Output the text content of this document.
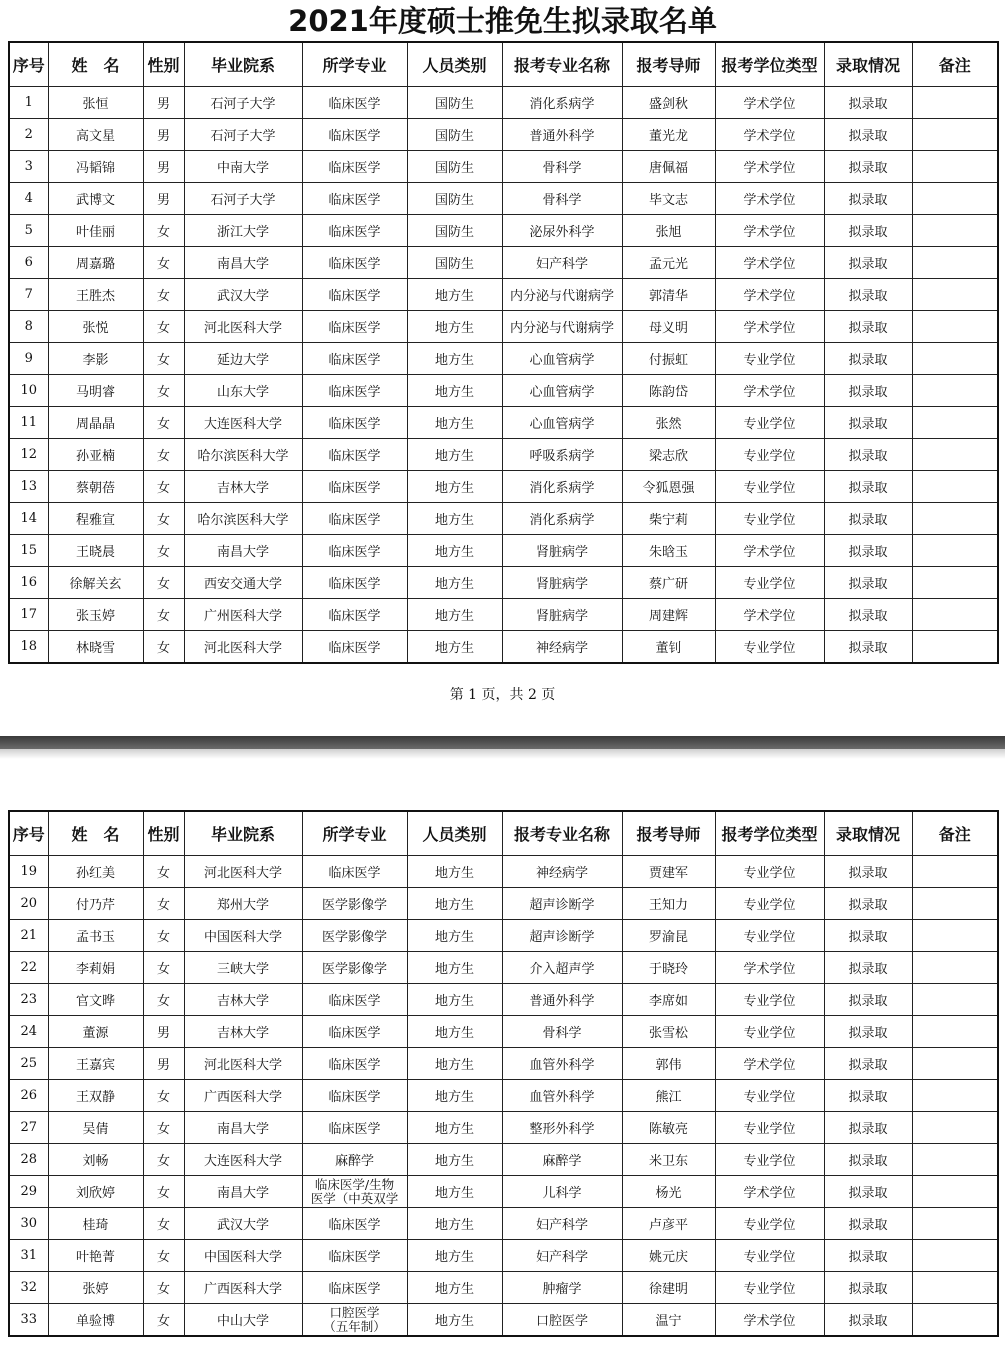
2021年度硕士推免生拟录取名单
序号	姓　名	性别	毕业院系	所学专业	人员类别	报考专业名称	报考导师	报考学位类型	录取情况	备注
1	张恒	男	石河子大学	临床医学	国防生	消化系病学	盛剑秋	学术学位	拟录取	
2	高文星	男	石河子大学	临床医学	国防生	普通外科学	董光龙	学术学位	拟录取	
3	冯韬锦	男	中南大学	临床医学	国防生	骨科学	唐佩福	学术学位	拟录取	
4	武博文	男	石河子大学	临床医学	国防生	骨科学	毕文志	学术学位	拟录取	
5	叶佳丽	女	浙江大学	临床医学	国防生	泌尿外科学	张旭	学术学位	拟录取	
6	周嘉璐	女	南昌大学	临床医学	国防生	妇产科学	孟元光	学术学位	拟录取	
7	王胜杰	女	武汉大学	临床医学	地方生	内分泌与代谢病学	郭清华	学术学位	拟录取	
8	张悦	女	河北医科大学	临床医学	地方生	内分泌与代谢病学	母义明	学术学位	拟录取	
9	李影	女	延边大学	临床医学	地方生	心血管病学	付振虹	专业学位	拟录取	
10	马明睿	女	山东大学	临床医学	地方生	心血管病学	陈韵岱	学术学位	拟录取	
11	周晶晶	女	大连医科大学	临床医学	地方生	心血管病学	张然	专业学位	拟录取	
12	孙亚楠	女	哈尔滨医科大学	临床医学	地方生	呼吸系病学	梁志欣	专业学位	拟录取	
13	蔡朝蓓	女	吉林大学	临床医学	地方生	消化系病学	令狐恩强	专业学位	拟录取	
14	程雅宣	女	哈尔滨医科大学	临床医学	地方生	消化系病学	柴宁莉	专业学位	拟录取	
15	王晓晨	女	南昌大学	临床医学	地方生	肾脏病学	朱晗玉	学术学位	拟录取	
16	徐解关玄	女	西安交通大学	临床医学	地方生	肾脏病学	蔡广研	专业学位	拟录取	
17	张玉婷	女	广州医科大学	临床医学	地方生	肾脏病学	周建辉	学术学位	拟录取	
18	林晓雪	女	河北医科大学	临床医学	地方生	神经病学	董钊	专业学位	拟录取	
第 1 页，共 2 页
序号	姓　名	性别	毕业院系	所学专业	人员类别	报考专业名称	报考导师	报考学位类型	录取情况	备注
19	孙红美	女	河北医科大学	临床医学	地方生	神经病学	贾建军	专业学位	拟录取	
20	付乃芹	女	郑州大学	医学影像学	地方生	超声诊断学	王知力	专业学位	拟录取	
21	孟书玉	女	中国医科大学	医学影像学	地方生	超声诊断学	罗渝昆	专业学位	拟录取	
22	李莉娟	女	三峡大学	医学影像学	地方生	介入超声学	于晓玲	学术学位	拟录取	
23	官文晔	女	吉林大学	临床医学	地方生	普通外科学	李席如	专业学位	拟录取	
24	董源	男	吉林大学	临床医学	地方生	骨科学	张雪松	专业学位	拟录取	
25	王嘉宾	男	河北医科大学	临床医学	地方生	血管外科学	郭伟	学术学位	拟录取	
26	王双静	女	广西医科大学	临床医学	地方生	血管外科学	熊江	专业学位	拟录取	
27	吴倩	女	南昌大学	临床医学	地方生	整形外科学	陈敏亮	专业学位	拟录取	
28	刘畅	女	大连医科大学	麻醉学	地方生	麻醉学	米卫东	专业学位	拟录取	
29	刘欣婷	女	南昌大学	临床医学/生物
医学（中英双学	地方生	儿科学	杨光	学术学位	拟录取	
30	桂琦	女	武汉大学	临床医学	地方生	妇产科学	卢彦平	专业学位	拟录取	
31	叶艳菁	女	中国医科大学	临床医学	地方生	妇产科学	姚元庆	专业学位	拟录取	
32	张婷	女	广西医科大学	临床医学	地方生	肿瘤学	徐建明	专业学位	拟录取	
33	单验博	女	中山大学	口腔医学
（五年制）	地方生	口腔医学	温宁	学术学位	拟录取	
